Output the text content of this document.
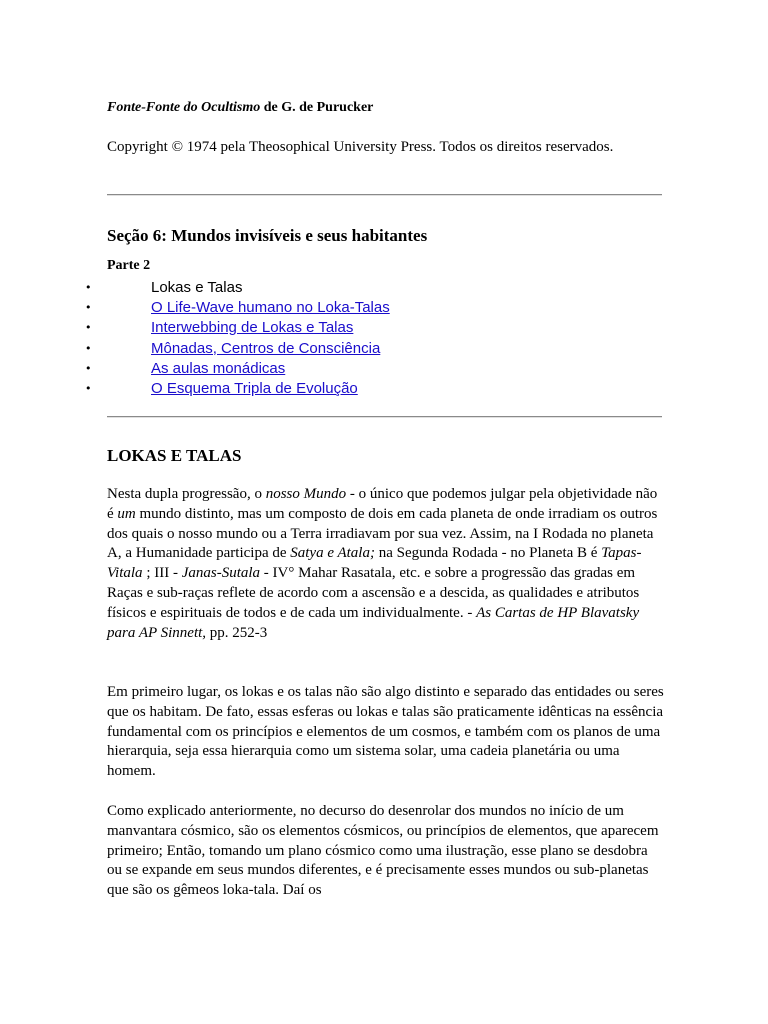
Fonte-Fonte do Ocultismo de G. de Purucker
Copyright © 1974 pela Theosophical University Press. Todos os direitos reservados.
Seção 6: Mundos invisíveis e seus habitantes
Parte 2
•	Lokas e Talas
•	O Life-Wave humano no Loka-Talas
•	Interwebbing de Lokas e Talas
•	Mônadas, Centros de Consciência
•	As aulas monádicas
•	O Esquema Tripla de Evolução
LOKAS E TALAS

Nesta dupla progressão, o nosso Mundo - o único que podemos julgar pela objetividade não é um mundo distinto, mas um composto de dois em cada planeta de onde irradiam os outros dos quais o nosso mundo ou a Terra irradiavam por sua vez. Assim, na I Rodada no planeta A, a Humanidade participa de Satya e Atala; na Segunda Rodada - no Planeta B é Tapas-Vitala ; III - Janas-Sutala - IV° Mahar Rasatala, etc. e sobre a progressão das gradas em Raças e sub-raças reflete de acordo com a ascensão e a descida, as qualidades e atributos físicos e espirituais de todos e de cada um individualmente. - As Cartas de HP Blavatsky para AP Sinnett, pp. 252-3

Em primeiro lugar, os lokas e os talas não são algo distinto e separado das entidades ou seres que os habitam. De fato, essas esferas ou lokas e talas são praticamente idênticas na essência fundamental com os princípios e elementos de um cosmos, e também com os planos de uma hierarquia, seja essa hierarquia como um sistema solar, uma cadeia planetária ou uma homem.

Como explicado anteriormente, no decurso do desenrolar dos mundos no início de um manvantara cósmico, são os elementos cósmicos, ou princípios de elementos, que aparecem primeiro; Então, tomando um plano cósmico como uma ilustração, esse plano se desdobra ou se expande em seus mundos diferentes, e é precisamente esses mundos ou sub-planetas que são os gêmeos loka-tala. Daí os
